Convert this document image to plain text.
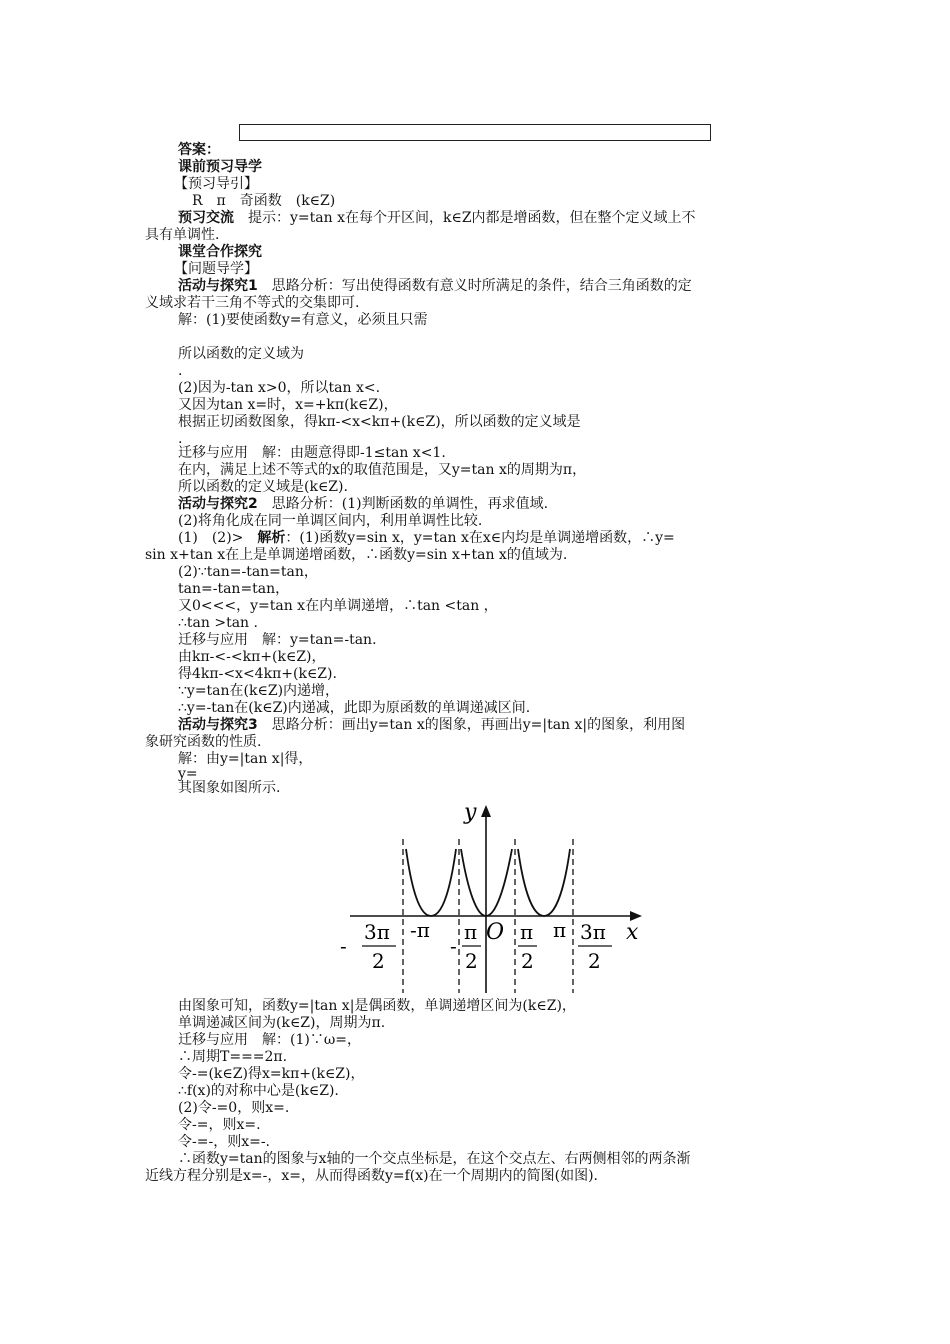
答案：
课前预习导学
【预习导引】
R　π　奇函数　(k∈Z)
预习交流　提示：y=tan x在每个开区间，k∈Z内都是增函数，但在整个定义域上不
具有单调性.
课堂合作探究
【问题导学】
活动与探究1　思路分析：写出使得函数有意义时所满足的条件，结合三角函数的定
义域求若干三角不等式的交集即可.
解：(1)要使函数y=有意义，必须且只需
所以函数的定义域为
.
(2)因为-tan x>0，所以tan x<.
又因为tan x=时，x=+kπ(k∈Z)，
根据正切函数图象，得kπ-<x<kπ+(k∈Z)，所以函数的定义域是
.
迁移与应用　解：由题意得即-1≤tan x<1.
在内，满足上述不等式的x的取值范围是，又y=tan x的周期为π，
所以函数的定义域是(k∈Z).
活动与探究2　思路分析：(1)判断函数的单调性，再求值域.
(2)将角化成在同一单调区间内，利用单调性比较.
(1)　(2)>　解析：(1)函数y=sin x，y=tan x在x∈内均是单调递增函数，∴y=
sin x+tan x在上是单调递增函数，∴函数y=sin x+tan x的值域为.
(2)∵tan=-tan=tan，
tan=-tan=tan，
又0<<<，y=tan x在内单调递增，∴tan <tan ，
∴tan >tan .
迁移与应用　解：y=tan=-tan.
由kπ-<-<kπ+(k∈Z)，
得4kπ-<x<4kπ+(k∈Z).
∵y=tan在(k∈Z)内递增，
∴y=-tan在(k∈Z)内递减，此即为原函数的单调递减区间.
活动与探究3　思路分析：画出y=tan x的图象，再画出y=|tan x|的图象，利用图
象研究函数的性质.
解：由y=|tan x|得，
y=
其图象如图所示.
y
x
O
-π	π
-
3π
2
-
π
2
π
2
3π
2
由图象可知，函数y=|tan x|是偶函数，单调递增区间为(k∈Z)，
单调递减区间为(k∈Z)，周期为π.
迁移与应用　解：(1)∵ω=，
∴周期T===2π.
令-=(k∈Z)得x=kπ+(k∈Z)，
∴f(x)的对称中心是(k∈Z).
(2)令-=0，则x=.
令-=，则x=.
令-=-，则x=-.
∴函数y=tan的图象与x轴的一个交点坐标是，在这个交点左、右两侧相邻的两条渐
近线方程分别是x=-，x=，从而得函数y=f(x)在一个周期内的简图(如图).
